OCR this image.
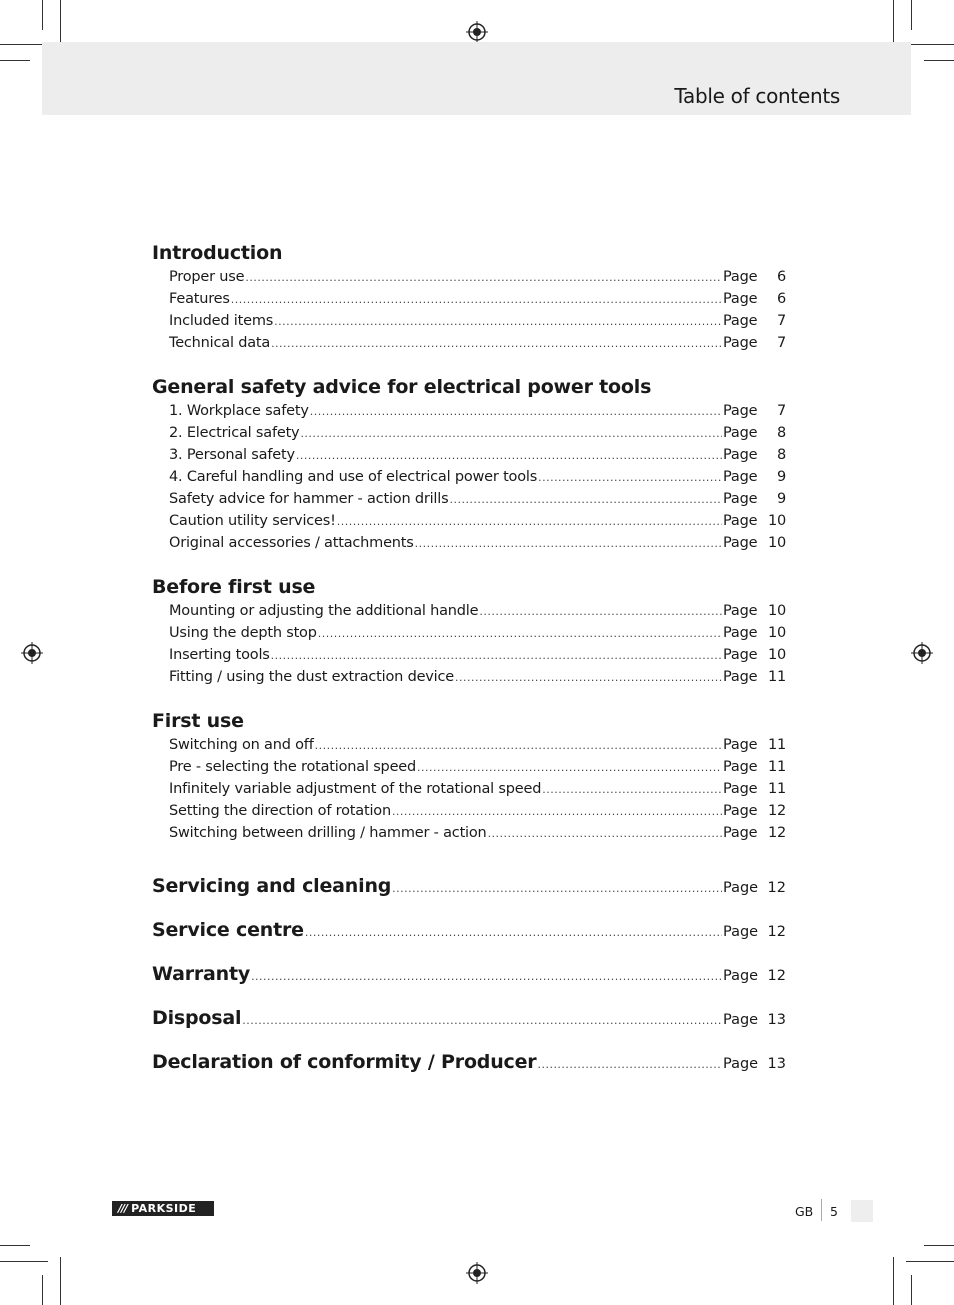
Table of contents
Introduction
Proper use .....	Page	6
Features .....	Page	6
Included items .....	Page	7
Technical data .....	Page	7
General safety advice for electrical power tools
1. Workplace safety .....	Page	7
2. Electrical safety .....	Page	8
3. Personal safety .....	Page	8
4. Careful handling and use of electrical power tools .....	Page	9
Safety advice for hammer - action drills .....	Page	9
Caution utility services! .....	Page 10
Original accessories / attachments .....	Page 10
Before first use
Mounting or adjusting the additional handle .....	Page 10
Using the depth stop .....	Page 10
Inserting tools .....	Page 10
Fitting / using the dust extraction device .....	Page 11
First use
Switching on and off .....	Page 11
Pre - selecting the rotational speed .....	Page 11
Infinitely variable adjustment of the rotational speed .....	Page 11
Setting the direction of rotation .....	Page 12
Switching between drilling / hammer - action .....	Page 12
Servicing and cleaning .....	Page 12
Service centre .....	Page 12
Warranty .....	Page 12
Disposal .....	Page 13
Declaration of conformity / Producer .....	Page 13
/// PARKSIDE	GB 5
